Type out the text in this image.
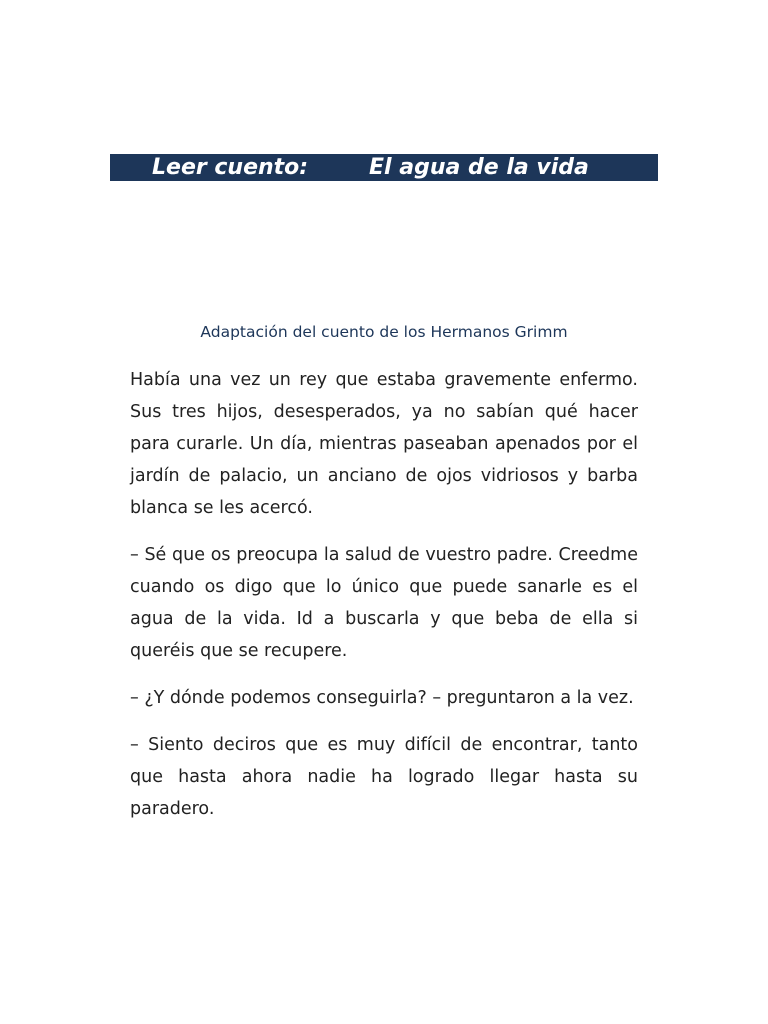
Leer cuento:	El agua de la vida
Adaptación del cuento de los Hermanos Grimm

Había una vez un rey que estaba gravemente enfermo. Sus tres hijos, desesperados, ya no sabían qué hacer para curarle. Un día, mientras paseaban apenados por el jardín de palacio, un anciano de ojos vidriosos y barba blanca se les acercó.

– Sé que os preocupa la salud de vuestro padre. Creedme cuando os digo que lo único que puede sanarle es el agua de la vida. Id a buscarla y que beba de ella si queréis que se recupere.

– ¿Y dónde podemos conseguirla? – preguntaron a la vez.

– Siento deciros que es muy difícil de encontrar, tanto que hasta ahora nadie ha logrado llegar hasta su paradero.
